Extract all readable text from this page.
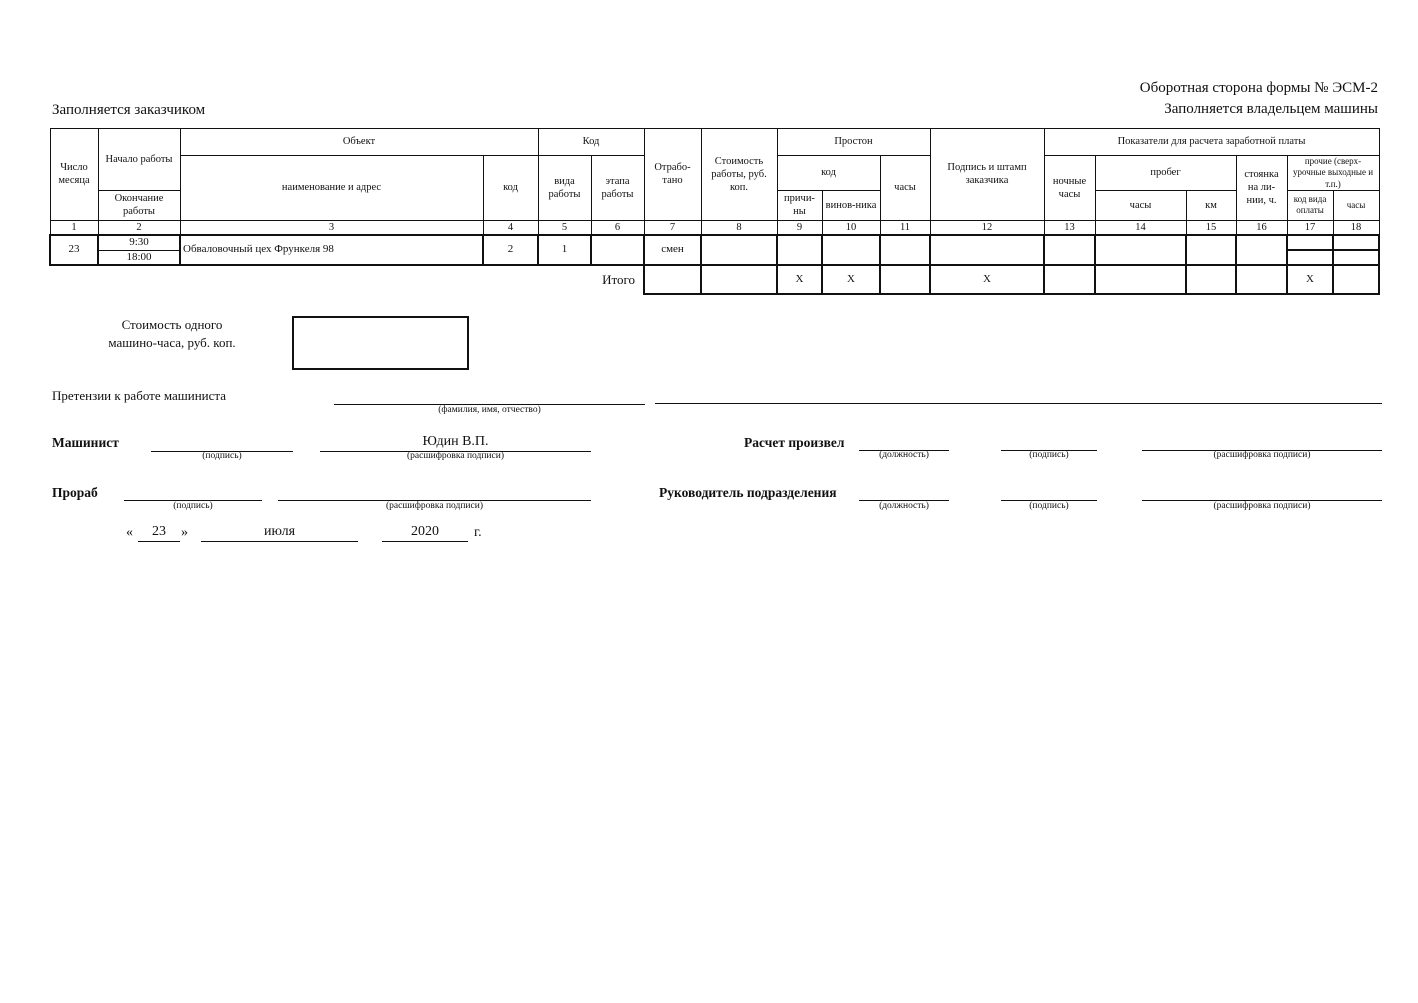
Оборотная сторона формы № ЭСМ-2
Заполняется владельцем машины
Заполняется заказчиком
Число месяца	Начало работы	Объект		Код		Отрабо-тано	Стоимость работы, руб. коп.	Простон			Подпись и штамп заказчика	Показатели для расчета заработной платы					
		наименование и адрес	код	вида работы	этапа работы			код		часы		ночные часы	пробег		стоянка на ли-нии, ч.	прочие (сверх-урочные выходные и т.п.)	
	Окончание работы							причи-ны	винов-ника				часы	км		код вида оплаты	часы
1	2	3	4	5	6	7	8	9	10	11	12	13	14	15	16	17	18
23	9:30	Обваловочный цех Фрункеля 98	2	1		смен											
	18:00																
Итого								X	X		X					X	
Стоимость одного машино-часа, руб. коп.
Претензии к работе машиниста
(фамилия, имя, отчество)
Машинист
(подпись)
Юдин В.П.
(расшифровка подписи)
Расчет произвел
(должность)	(подпись)	(расшифровка подписи)
Прораб
(подпись)	(расшифровка подписи)
Руководитель подразделения
(должность)	(подпись)	(расшифровка подписи)
«	23	»	июля	2020	г.
